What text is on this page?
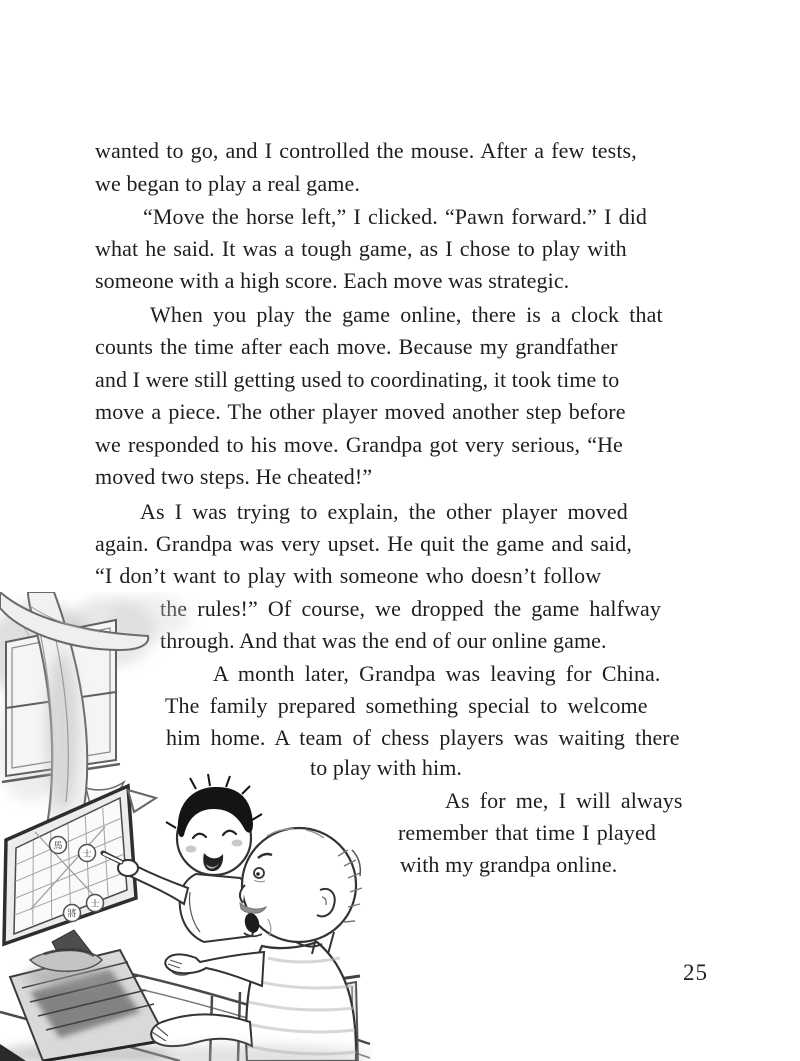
wanted to go, and I controlled the mouse. After a few tests,
we began to play a real game.
“Move the horse left,” I clicked. “Pawn forward.” I did
what he said. It was a tough game, as I chose to play with
someone with a high score. Each move was strategic.
When you play the game online, there is a clock that
counts the time after each move. Because my grandfather
and I were still getting used to coordinating, it took time to
move a piece. The other player moved another step before
we responded to his move. Grandpa got very serious, “He
moved two steps. He cheated!”
As I was trying to explain, the other player moved
again. Grandpa was very upset. He quit the game and said,
“I don’t want to play with someone who doesn’t follow
the rules!” Of course, we dropped the game halfway
through. And that was the end of our online game.
A month later, Grandpa was leaving for China.
The family prepared something special to welcome
him home. A team of chess players was waiting there
to play with him.
As for me, I will always
remember that time I played
with my grandpa online.
25
馬
士
士
將
